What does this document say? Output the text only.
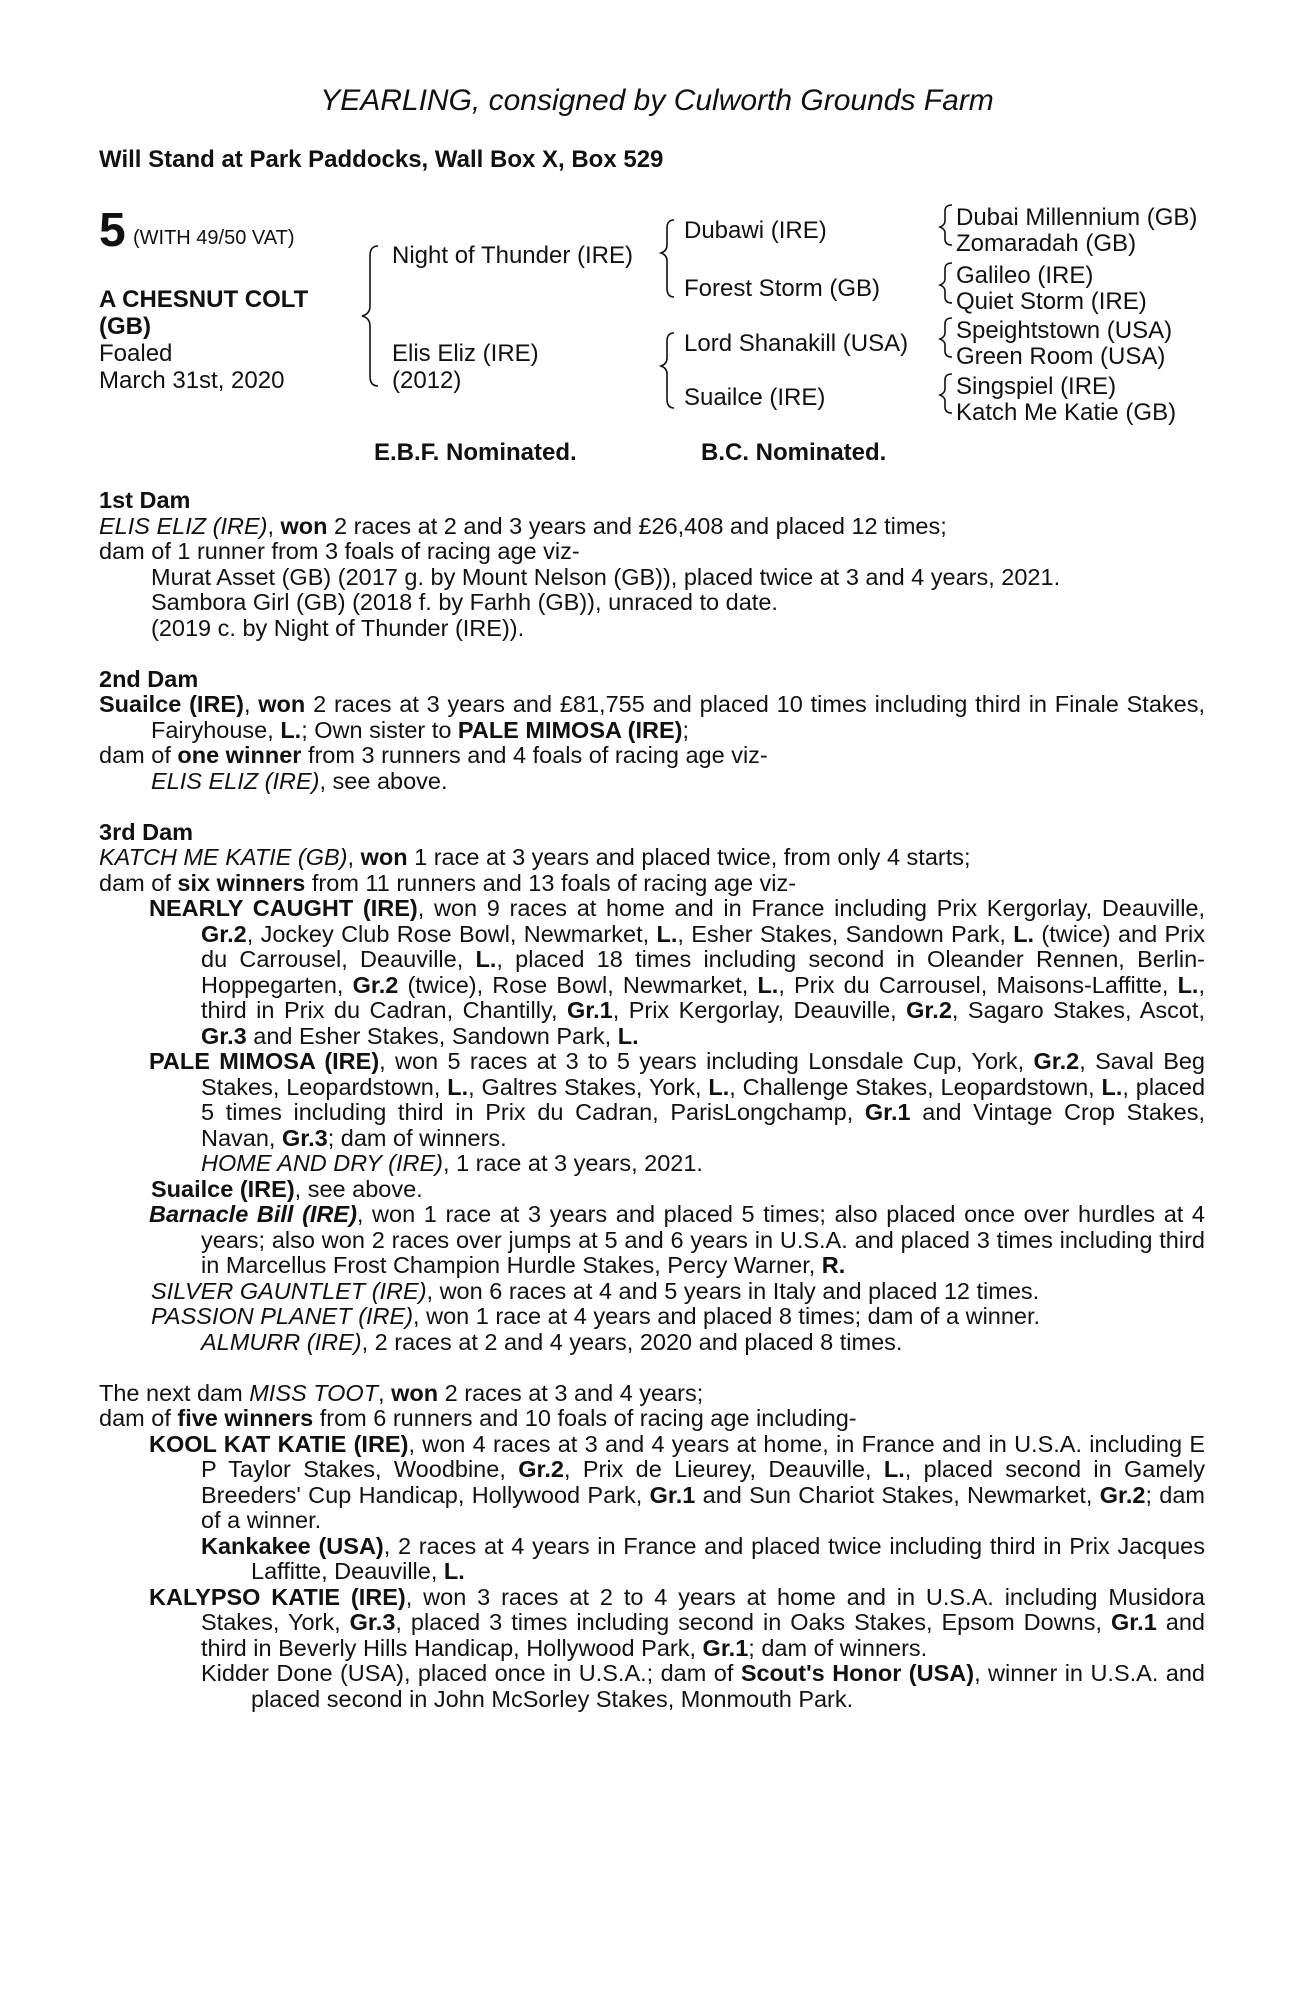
YEARLING, consigned by Culworth Grounds Farm
Will Stand at Park Paddocks, Wall Box X, Box 529
5 (WITH 49/50 VAT)
A CHESNUT COLT
(GB)
Foaled
March 31st, 2020
Night of Thunder (IRE)
Elis Eliz (IRE)
(2012)
Dubawi (IRE)
Forest Storm (GB)
Lord Shanakill (USA)
Suailce (IRE)
Dubai Millennium (GB)
Zomaradah (GB)
Galileo (IRE)
Quiet Storm (IRE)
Speightstown (USA)
Green Room (USA)
Singspiel (IRE)
Katch Me Katie (GB)
E.B.F. Nominated.	B.C. Nominated.

1st Dam

ELIS ELIZ (IRE), won 2 races at 2 and 3 years and £26,408 and placed 12 times;

dam of 1 runner from 3 foals of racing age viz-

Murat Asset (GB) (2017 g. by Mount Nelson (GB)), placed twice at 3 and 4 years, 2021.

Sambora Girl (GB) (2018 f. by Farhh (GB)), unraced to date.

(2019 c. by Night of Thunder (IRE)).

2nd Dam

Suailce (IRE), won 2 races at 3 years and £81,755 and placed 10 times including third in Finale Stakes, Fairyhouse, L.; Own sister to PALE MIMOSA (IRE);

dam of one winner from 3 runners and 4 foals of racing age viz-

ELIS ELIZ (IRE), see above.

3rd Dam

KATCH ME KATIE (GB), won 1 race at 3 years and placed twice, from only 4 starts;

dam of six winners from 11 runners and 13 foals of racing age viz-

NEARLY CAUGHT (IRE), won 9 races at home and in France including Prix Kergorlay, Deauville, Gr.2, Jockey Club Rose Bowl, Newmarket, L., Esher Stakes, Sandown Park, L. (twice) and Prix du Carrousel, Deauville, L., placed 18 times including second in Oleander Rennen, Berlin-Hoppegarten, Gr.2 (twice), Rose Bowl, Newmarket, L., Prix du Carrousel, Maisons-Laffitte, L., third in Prix du Cadran, Chantilly, Gr.1, Prix Kergorlay, Deauville, Gr.2, Sagaro Stakes, Ascot, Gr.3 and Esher Stakes, Sandown Park, L.

PALE MIMOSA (IRE), won 5 races at 3 to 5 years including Lonsdale Cup, York, Gr.2, Saval Beg Stakes, Leopardstown, L., Galtres Stakes, York, L., Challenge Stakes, Leopardstown, L., placed 5 times including third in Prix du Cadran, ParisLongchamp, Gr.1 and Vintage Crop Stakes, Navan, Gr.3; dam of winners.

HOME AND DRY (IRE), 1 race at 3 years, 2021.

Suailce (IRE), see above.

Barnacle Bill (IRE), won 1 race at 3 years and placed 5 times; also placed once over hurdles at 4 years; also won 2 races over jumps at 5 and 6 years in U.S.A. and placed 3 times including third in Marcellus Frost Champion Hurdle Stakes, Percy Warner, R.

SILVER GAUNTLET (IRE), won 6 races at 4 and 5 years in Italy and placed 12 times.

PASSION PLANET (IRE), won 1 race at 4 years and placed 8 times; dam of a winner.

ALMURR (IRE), 2 races at 2 and 4 years, 2020 and placed 8 times.

The next dam MISS TOOT, won 2 races at 3 and 4 years;

dam of five winners from 6 runners and 10 foals of racing age including-

KOOL KAT KATIE (IRE), won 4 races at 3 and 4 years at home, in France and in U.S.A. including E P Taylor Stakes, Woodbine, Gr.2, Prix de Lieurey, Deauville, L., placed second in Gamely Breeders' Cup Handicap, Hollywood Park, Gr.1 and Sun Chariot Stakes, Newmarket, Gr.2; dam of a winner.

Kankakee (USA), 2 races at 4 years in France and placed twice including third in Prix Jacques Laffitte, Deauville, L.

KALYPSO KATIE (IRE), won 3 races at 2 to 4 years at home and in U.S.A. including Musidora Stakes, York, Gr.3, placed 3 times including second in Oaks Stakes, Epsom Downs, Gr.1 and third in Beverly Hills Handicap, Hollywood Park, Gr.1; dam of winners.

Kidder Done (USA), placed once in U.S.A.; dam of Scout's Honor (USA), winner in U.S.A. and placed second in John McSorley Stakes, Monmouth Park.
